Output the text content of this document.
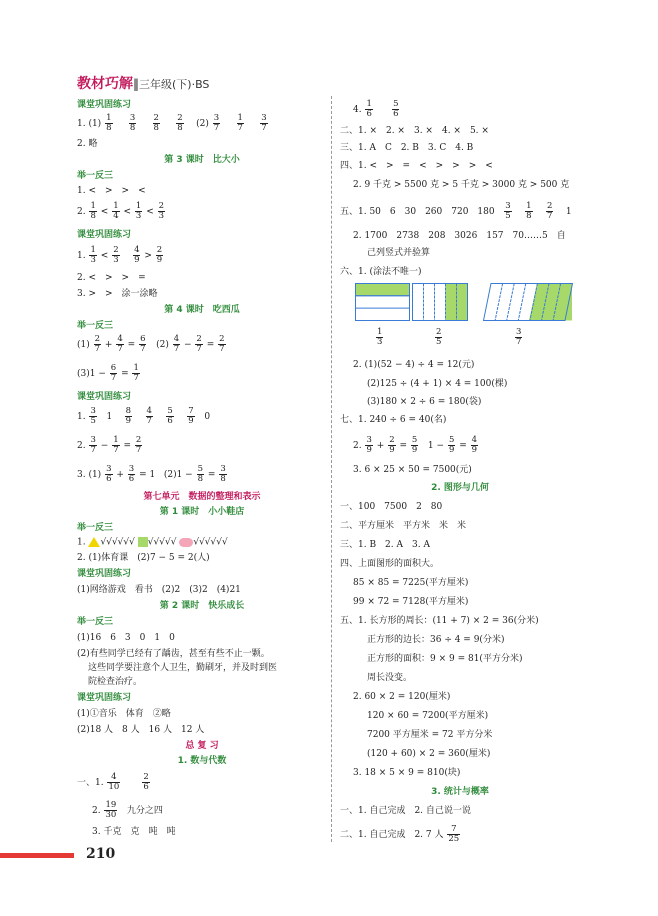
教材巧解‖三年级(下)·BS
课堂巩固练习
1. $(1) \frac{1}{8}$
$\frac{3}{8}$
$\frac{2}{8}$
$\frac{2}{8} (2) \frac{3}{7}$
$\frac{1}{7}$
$\frac{3}{7}$
2. 略
第 3 课时　比大小
举一反三
1. <　>　>　<
2. $\frac{1}{8} < \frac{1}{4} < \frac{1}{3} < \frac{2}{3}$
课堂巩固练习
1. $\frac{1}{3} < \frac{2}{3}$
$\frac{4}{9} > \frac{2}{9}$
2. <　>　>　=
3. >　>　涂一涂略
第 4 课时　吃西瓜
举一反三
$(1) \frac{2}{7} + \frac{4}{7} = \frac{6}{7} (2) \frac{4}{7} - \frac{2}{7} = \frac{2}{7}$
$(3)1 - \frac{6}{7} = \frac{1}{7}$
课堂巩固练习
1. $\frac{3}{5} 1 \frac{8}{9}$
$\frac{4}{7}$
$\frac{5}{6}$
$\frac{7}{9} 0$
2. $\frac{3}{7} - \frac{1}{7} = \frac{2}{7}$
3. $(1) \frac{3}{6} + \frac{3}{6} = 1$ $(2)1 - \frac{5}{8} = \frac{3}{8}$
第七单元　数据的整理和表示
第 1 课时　小小鞋店
举一反三
1. √√√√√√ √√√√√ √√√√√√
2. (1)体育课　(2)7 − 5 = 2(人)
课堂巩固练习
(1)网络游戏　看书　(2)2　(3)2　(4)21
第 2 课时　快乐成长
举一反三
(1)16　6　3　0　1　0
(2)有些同学已经有了龋齿，甚至有些不止一颗。
这些同学要注意个人卫生，勤刷牙，并及时到医
院检查治疗。
课堂巩固练习
(1)①音乐　体育　②略
(2)18 人　8 人　16 人　12 人
总 复 习
1. 数与代数
一、1. $\frac{4}{10}$
	$\frac{2}{6}$
2. $\frac{19}{30}$ 九分之四
3. 千克　克　吨　吨
4. $\frac{1}{6}$
$\frac{5}{6}$
二、1. ×　2. ×　3. ×　4. ×　5. ×
三、1. A　C　2. B　3. C　4. B
四、1. <　>　=　<　>　>　>　<
2. 9 千克 > 5500 克 > 5 千克 > 3000 克 > 500 克
五、1. 50　6　30　260　720　$180 \frac{3}{5}$
$\frac{1}{8}$
$\frac{2}{7} 1$
2. 1700　2738　208　3026　157　70……5　自
己列竖式并验算
六、1. (涂法不唯一)
$\frac{1}{3}$	$\frac{2}{5}$	$\frac{3}{7}$
2. (1)(52 − 4) ÷ 4 = 12(元)
(2)125 ÷ (4 + 1) × 4 = 100(棵)
(3)180 × 2 ÷ 6 = 180(袋)
七、1. 240 ÷ 6 = 40(名)
2. $\frac{3}{9} + \frac{2}{9} = \frac{5}{9} 1 - \frac{5}{9} = \frac{4}{9}$
3. 6 × 25 × 50 = 7500(元)
2. 图形与几何
一、100　7500　2　80
二、平方厘米　平方米　米　米
三、1. B　2. A　3. A
四、上面图形的面积大。
85 × 85 = 7225(平方厘米)
99 × 72 = 7128(平方厘米)
五、1. 长方形的周长：(11 + 7) × 2 = 36(分米)
正方形的边长：36 ÷ 4 = 9(分米)
正方形的面积：9 × 9 = 81(平方分米)
周长没变。
2. 60 × 2 = 120(厘米)
120 × 60 = 7200(平方厘米)
7200 平方厘米 = 72 平方分米
(120 + 60) × 2 = 360(厘米)
3. 18 × 5 × 9 = 810(块)
3. 统计与概率
一、1. 自己完成　2. 自己说一说
二、1. 自己完成　2. 7 人 $\frac{7}{25}$
210
